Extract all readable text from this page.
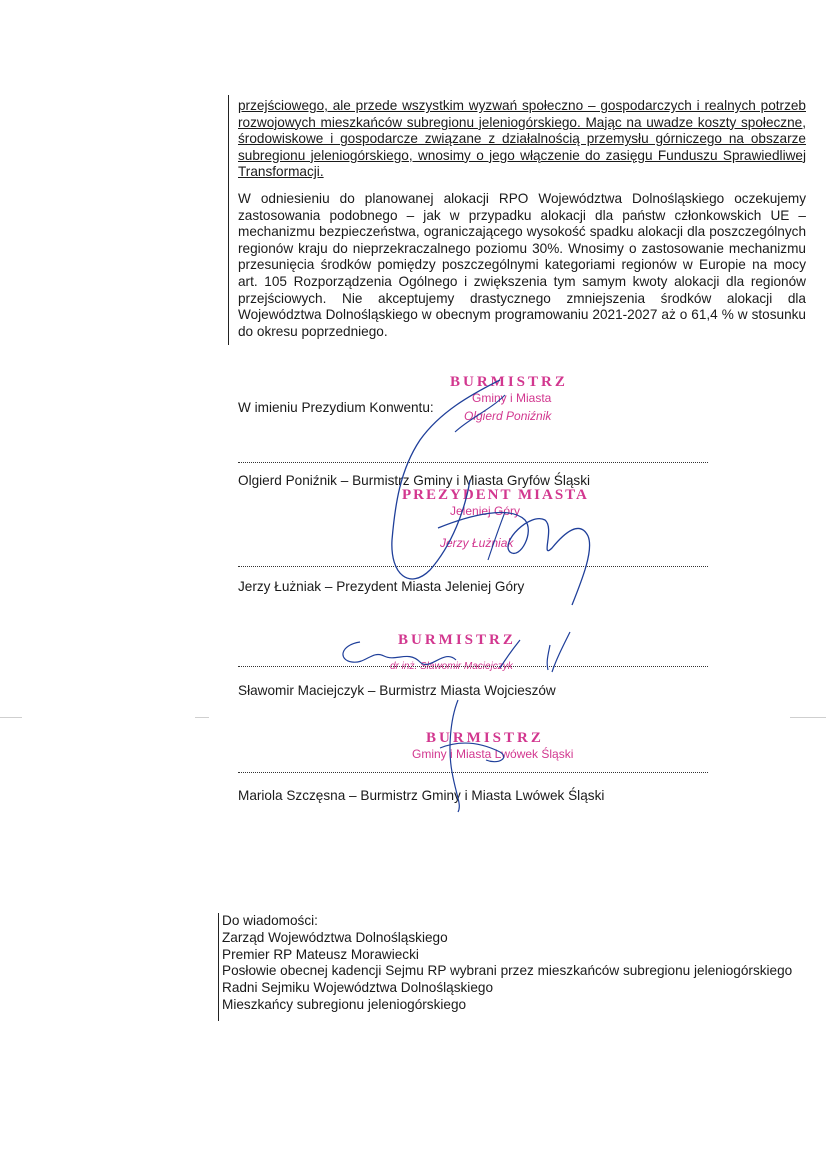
przejściowego, ale przede wszystkim wyzwań społeczno – gospodarczych i realnych potrzeb rozwojowych mieszkańców subregionu jeleniogórskiego. Mając na uwadze koszty społeczne, środowiskowe i gospodarcze związane z działalnością przemysłu górniczego na obszarze subregionu jeleniogórskiego, wnosimy o jego włączenie do zasięgu Funduszu Sprawiedliwej Transformacji.

W odniesieniu do planowanej alokacji RPO Województwa Dolnośląskiego oczekujemy zastosowania podobnego – jak w przypadku alokacji dla państw członkowskich UE – mechanizmu bezpieczeństwa, ograniczającego wysokość spadku alokacji dla poszczególnych regionów kraju do nieprzekraczalnego poziomu 30%. Wnosimy o zastosowanie mechanizmu przesunięcia środków pomiędzy poszczególnymi kategoriami regionów w Europie na mocy art. 105 Rozporządzenia Ogólnego i zwiększenia tym samym kwoty alokacji dla regionów przejściowych. Nie akceptujemy drastycznego zmniejszenia środków alokacji dla Województwa Dolnośląskiego w obecnym programowaniu 2021-2027 aż o 61,4 % w stosunku do okresu poprzedniego.

W imieniu Prezydium Konwentu:
BURMISTRZ
Gminy i Miasta
Olgierd Poniźnik
Olgierd Poniźnik – Burmistrz Gminy i Miasta Gryfów Śląski
PREZYDENT MIASTA
Jeleniej Góry
Jerzy Łużniak
Jerzy Łużniak – Prezydent Miasta Jeleniej Góry
BURMISTRZ
dr inż. Sławomir Maciejczyk
Sławomir Maciejczyk – Burmistrz Miasta Wojcieszów
BURMISTRZ
Gminy i Miasta Lwówek Śląski
Mariola Szczęsna – Burmistrz Gminy i Miasta Lwówek Śląski
Do wiadomości:
Zarząd Województwa Dolnośląskiego
Premier RP Mateusz Morawiecki
Posłowie obecnej kadencji Sejmu RP wybrani przez mieszkańców subregionu jeleniogórskiego
Radni Sejmiku Województwa Dolnośląskiego
Mieszkańcy subregionu jeleniogórskiego
